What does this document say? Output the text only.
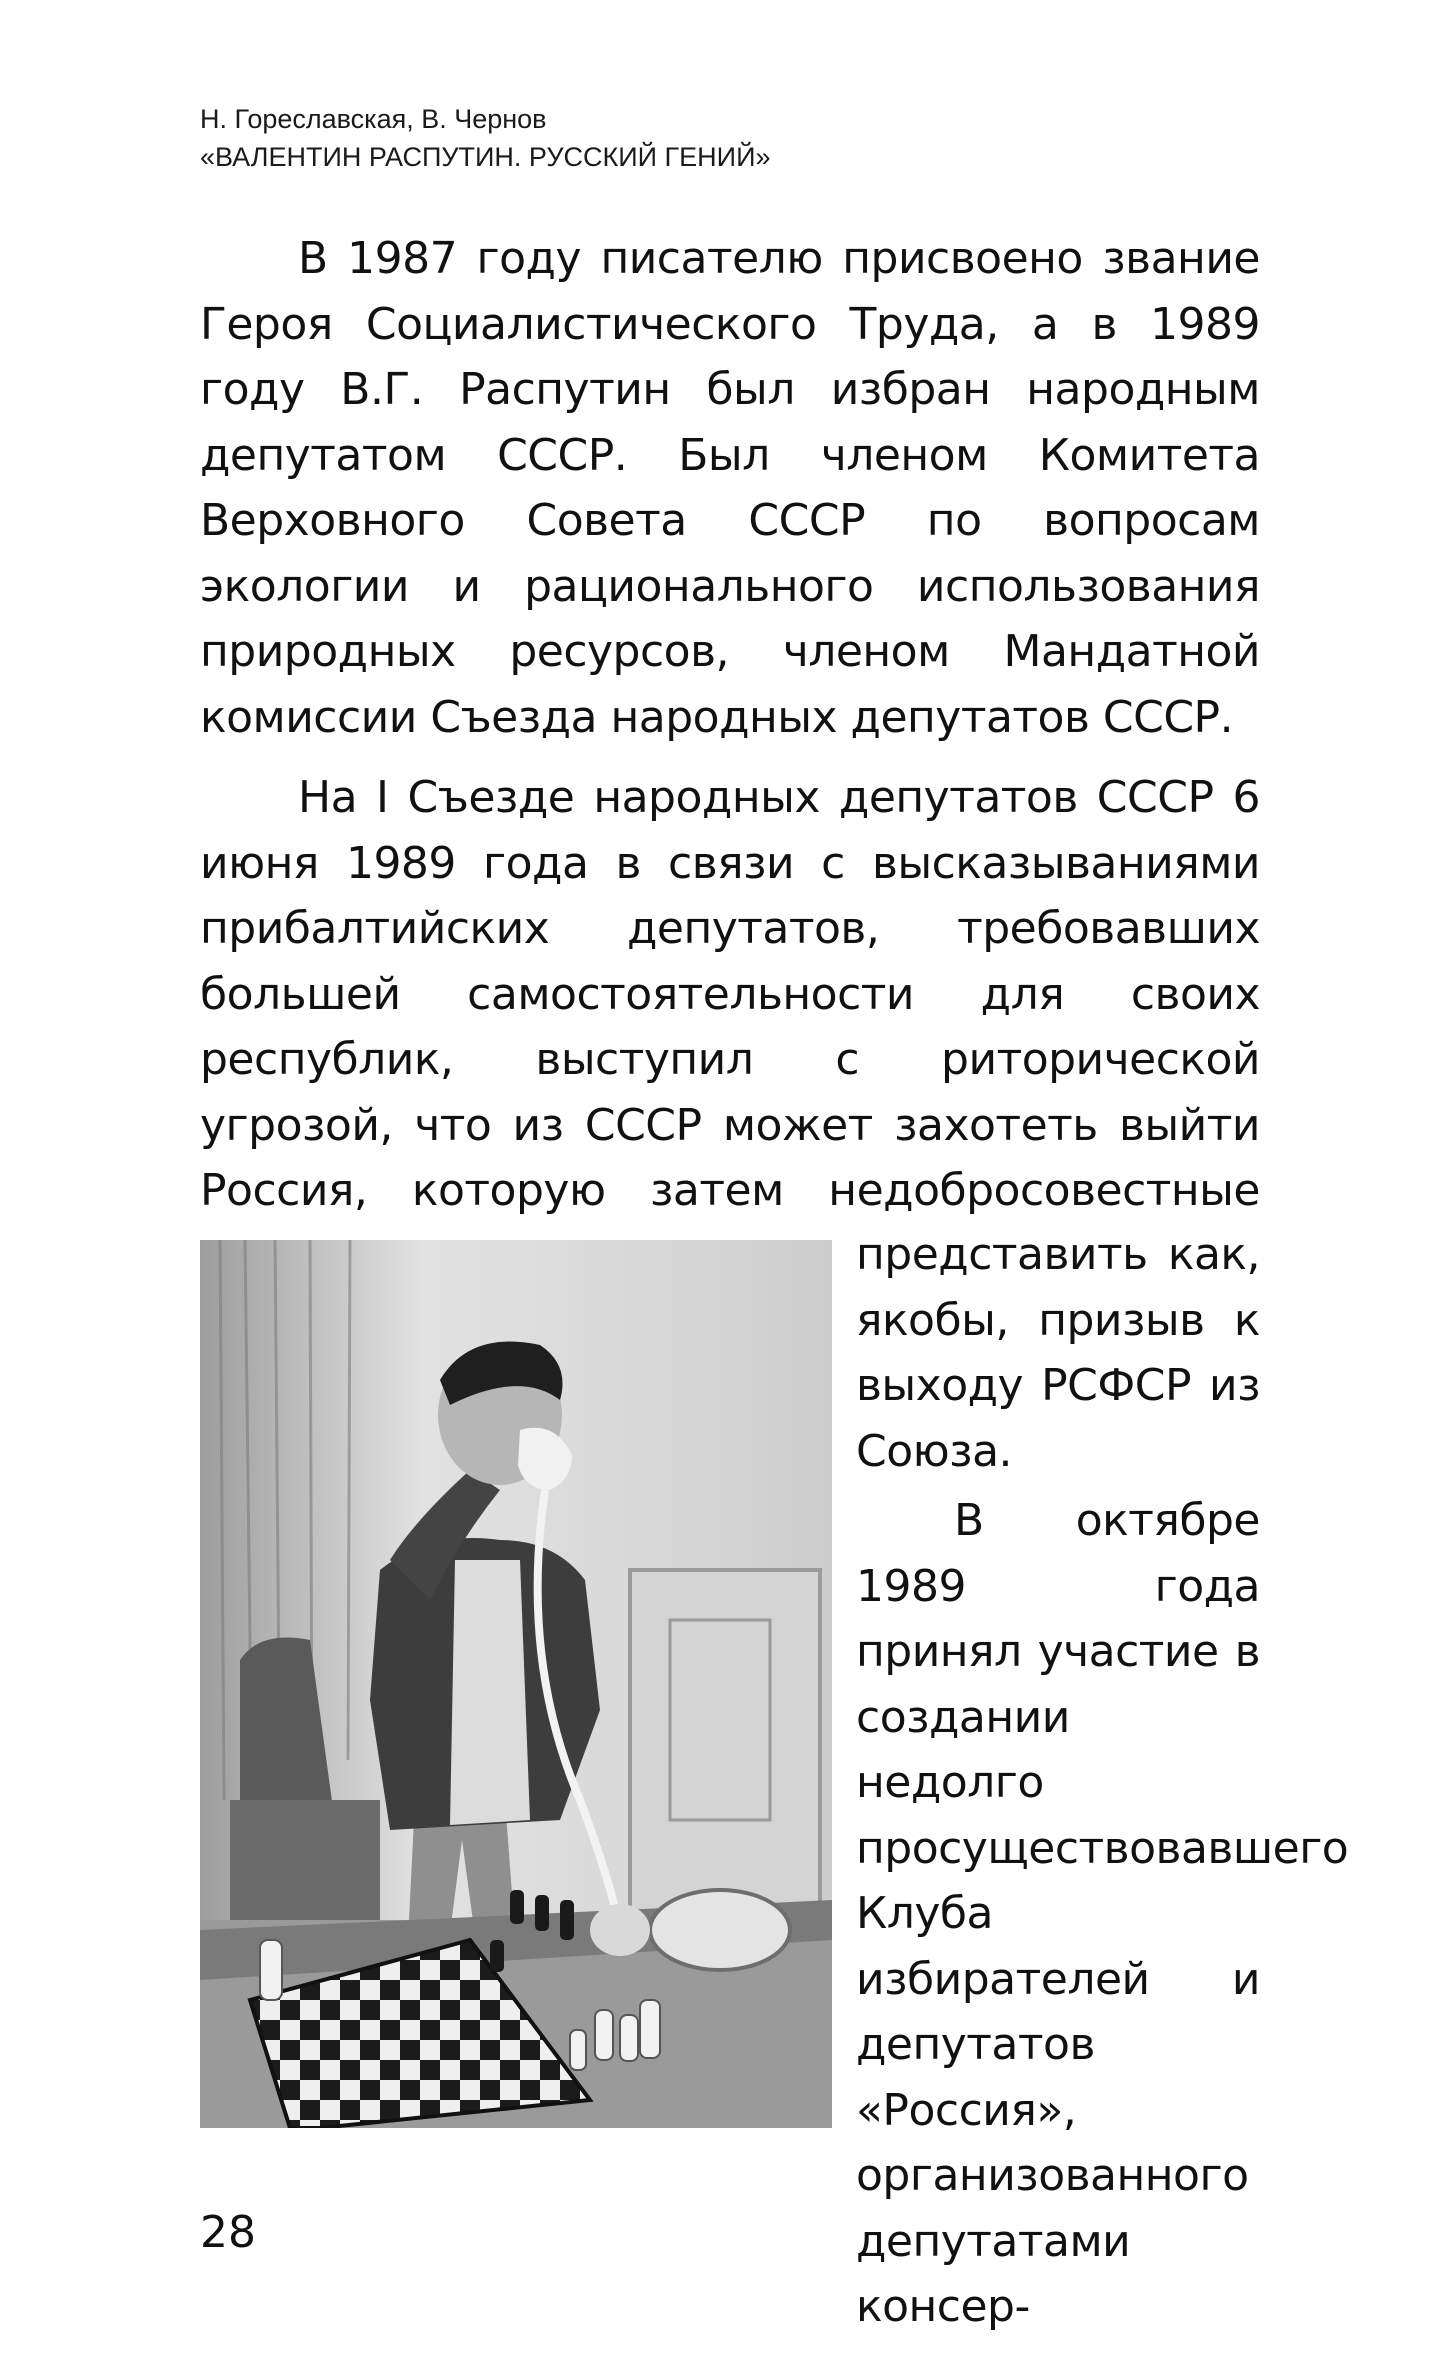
Н. Гореславская, В. Чернов
«ВАЛЕНТИН РАСПУТИН. РУССКИЙ ГЕНИЙ»

В 1987 году писателю присвоено звание Героя Социалистического Труда, а в 1989 году В.Г. Распутин был избран народным депутатом СССР. Был членом Комитета Верховного Совета СССР по вопросам экологии и рационального использования природных ресурсов, членом Мандатной комиссии Съезда народных депутатов СССР.

На I Съезде народных депутатов СССР 6 июня 1989 года в связи с высказываниями прибалтийских депутатов, требовавших большей самостоятельности для своих республик, выступил с риторической угрозой, что из СССР может захотеть выйти Россия, которую затем недобросовестные

представить как, якобы, призыв к выходу РСФСР из Союза.

В октябре 1989 года принял участие в создании недолго просуществовавшего Клуба избирателей и депутатов «Россия», организованного депутатами консер-

28
